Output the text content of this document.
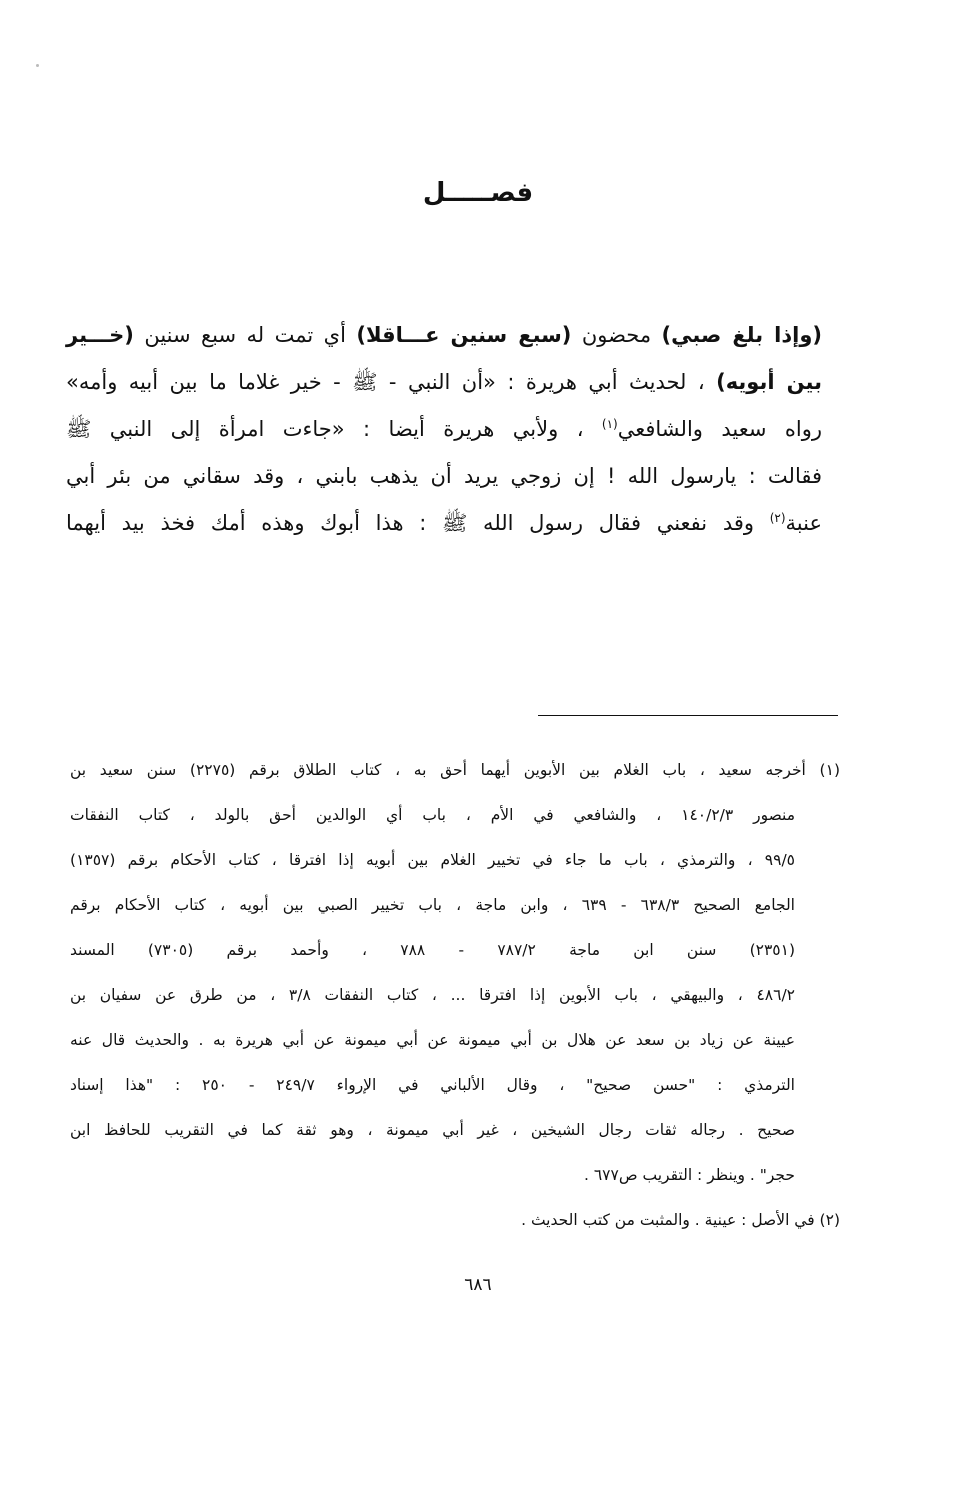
فصـــــل
(وإذا بلغ صبي) محضون (سبع سنين عـــاقلا) أي تمت له سبع سنين (خـــير
بين أبويه) ، لحديث أبي هريرة : «أن النبي - ﷺ - خير غلاما ما بين أبيه وأمه»
رواه سعيد والشافعي$^{(١)}$ ، ولأبي هريرة أيضا : «جاءت امرأة إلى النبي ﷺ
فقالت : يارسول الله ! إن زوجي يريد أن يذهب بابني ، وقد سقاني من بئر أبي
عنبة$^{(٢)}$ وقد نفعني فقال رسول الله ﷺ : هذا أبوك وهذه أمك فخذ بيد أيهما
(١) أخرجه سعيد ، باب الغلام بين الأبوين أيهما أحق به ، كتاب الطلاق برقم (٢٢٧٥) سنن سعيد بن
منصور ١٤٠/٢/٣ ، والشافعي في الأم ، باب أي الوالدين أحق بالولد ، كتاب النفقات
٩٩/٥ ، والترمذي ، باب ما جاء في تخيير الغلام بين أبويه إذا افترقا ، كتاب الأحكام برقم (١٣٥٧)
الجامع الصحيح ٦٣٨/٣ - ٦٣٩ ، وابن ماجة ، باب تخيير الصبي بين أبويه ، كتاب الأحكام برقم
(٢٣٥١) سنن ابن ماجة ٧٨٧/٢ - ٧٨٨ ، وأحمد برقم (٧٣٠٥) المسند
٤٨٦/٢ ، والبيهقي ، باب الأبوين إذا افترقا ... ، كتاب النفقات ٣/٨ ، من طرق عن سفيان بن
عيينة عن زياد بن سعد عن هلال بن أبي ميمونة عن أبي ميمونة عن أبي هريرة به . والحديث قال عنه
الترمذي : "حسن صحيح" ، وقال الألباني في الإرواء ٢٤٩/٧ - ٢٥٠ : "هذا إسناد
صحيح . رجاله ثقات رجال الشيخين ، غير أبي ميمونة ، وهو ثقة كما في التقريب للحافظ ابن
حجر" . وينظر : التقريب ص٦٧٧ .
(٢) في الأصل : عينية . والمثبت من كتب الحديث .
٦٨٦
